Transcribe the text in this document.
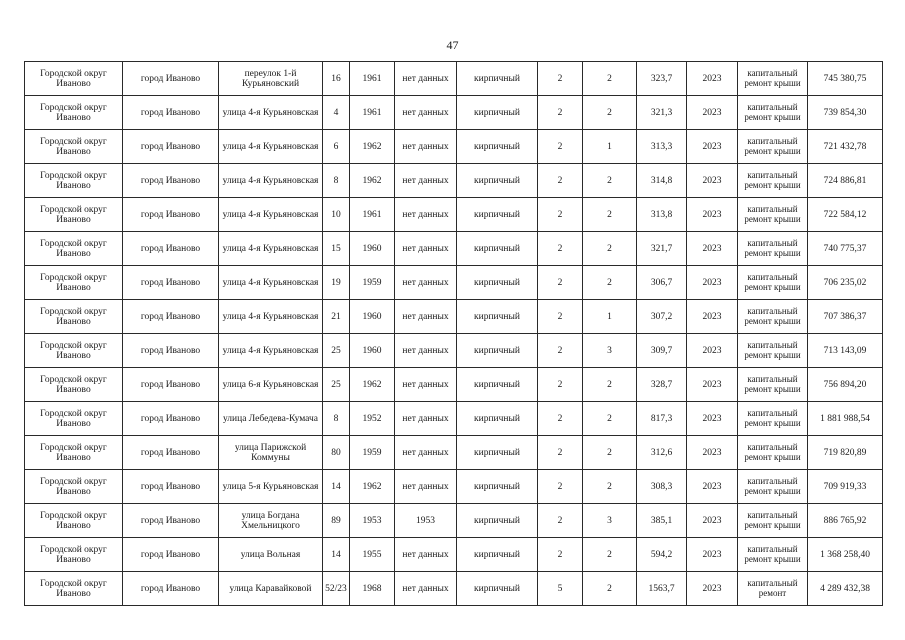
47
Городской округ Иваново	город Иваново	переулок 1-й Курьяновский	16	1961	нет данных	кирпичный	2	2	323,7	2023	капитальный ремонт крыши	745 380,75
Городской округ Иваново	город Иваново	улица 4-я Курьяновская	4	1961	нет данных	кирпичный	2	2	321,3	2023	капитальный ремонт крыши	739 854,30
Городской округ Иваново	город Иваново	улица 4-я Курьяновская	6	1962	нет данных	кирпичный	2	1	313,3	2023	капитальный ремонт крыши	721 432,78
Городской округ Иваново	город Иваново	улица 4-я Курьяновская	8	1962	нет данных	кирпичный	2	2	314,8	2023	капитальный ремонт крыши	724 886,81
Городской округ Иваново	город Иваново	улица 4-я Курьяновская	10	1961	нет данных	кирпичный	2	2	313,8	2023	капитальный ремонт крыши	722 584,12
Городской округ Иваново	город Иваново	улица 4-я Курьяновская	15	1960	нет данных	кирпичный	2	2	321,7	2023	капитальный ремонт крыши	740 775,37
Городской округ Иваново	город Иваново	улица 4-я Курьяновская	19	1959	нет данных	кирпичный	2	2	306,7	2023	капитальный ремонт крыши	706 235,02
Городской округ Иваново	город Иваново	улица 4-я Курьяновская	21	1960	нет данных	кирпичный	2	1	307,2	2023	капитальный ремонт крыши	707 386,37
Городской округ Иваново	город Иваново	улица 4-я Курьяновская	25	1960	нет данных	кирпичный	2	3	309,7	2023	капитальный ремонт крыши	713 143,09
Городской округ Иваново	город Иваново	улица 6-я Курьяновская	25	1962	нет данных	кирпичный	2	2	328,7	2023	капитальный ремонт крыши	756 894,20
Городской округ Иваново	город Иваново	улица Лебедева-Кумача	8	1952	нет данных	кирпичный	2	2	817,3	2023	капитальный ремонт крыши	1 881 988,54
Городской округ Иваново	город Иваново	улица Парижской Коммуны	80	1959	нет данных	кирпичный	2	2	312,6	2023	капитальный ремонт крыши	719 820,89
Городской округ Иваново	город Иваново	улица 5-я Курьяновская	14	1962	нет данных	кирпичный	2	2	308,3	2023	капитальный ремонт крыши	709 919,33
Городской округ Иваново	город Иваново	улица Богдана Хмельницкого	89	1953	1953	кирпичный	2	3	385,1	2023	капитальный ремонт крыши	886 765,92
Городской округ Иваново	город Иваново	улица Вольная	14	1955	нет данных	кирпичный	2	2	594,2	2023	капитальный ремонт крыши	1 368 258,40
Городской округ Иваново	город Иваново	улица Каравайковой	52/23	1968	нет данных	кирпичный	5	2	1563,7	2023	капитальный ремонт	4 289 432,38
